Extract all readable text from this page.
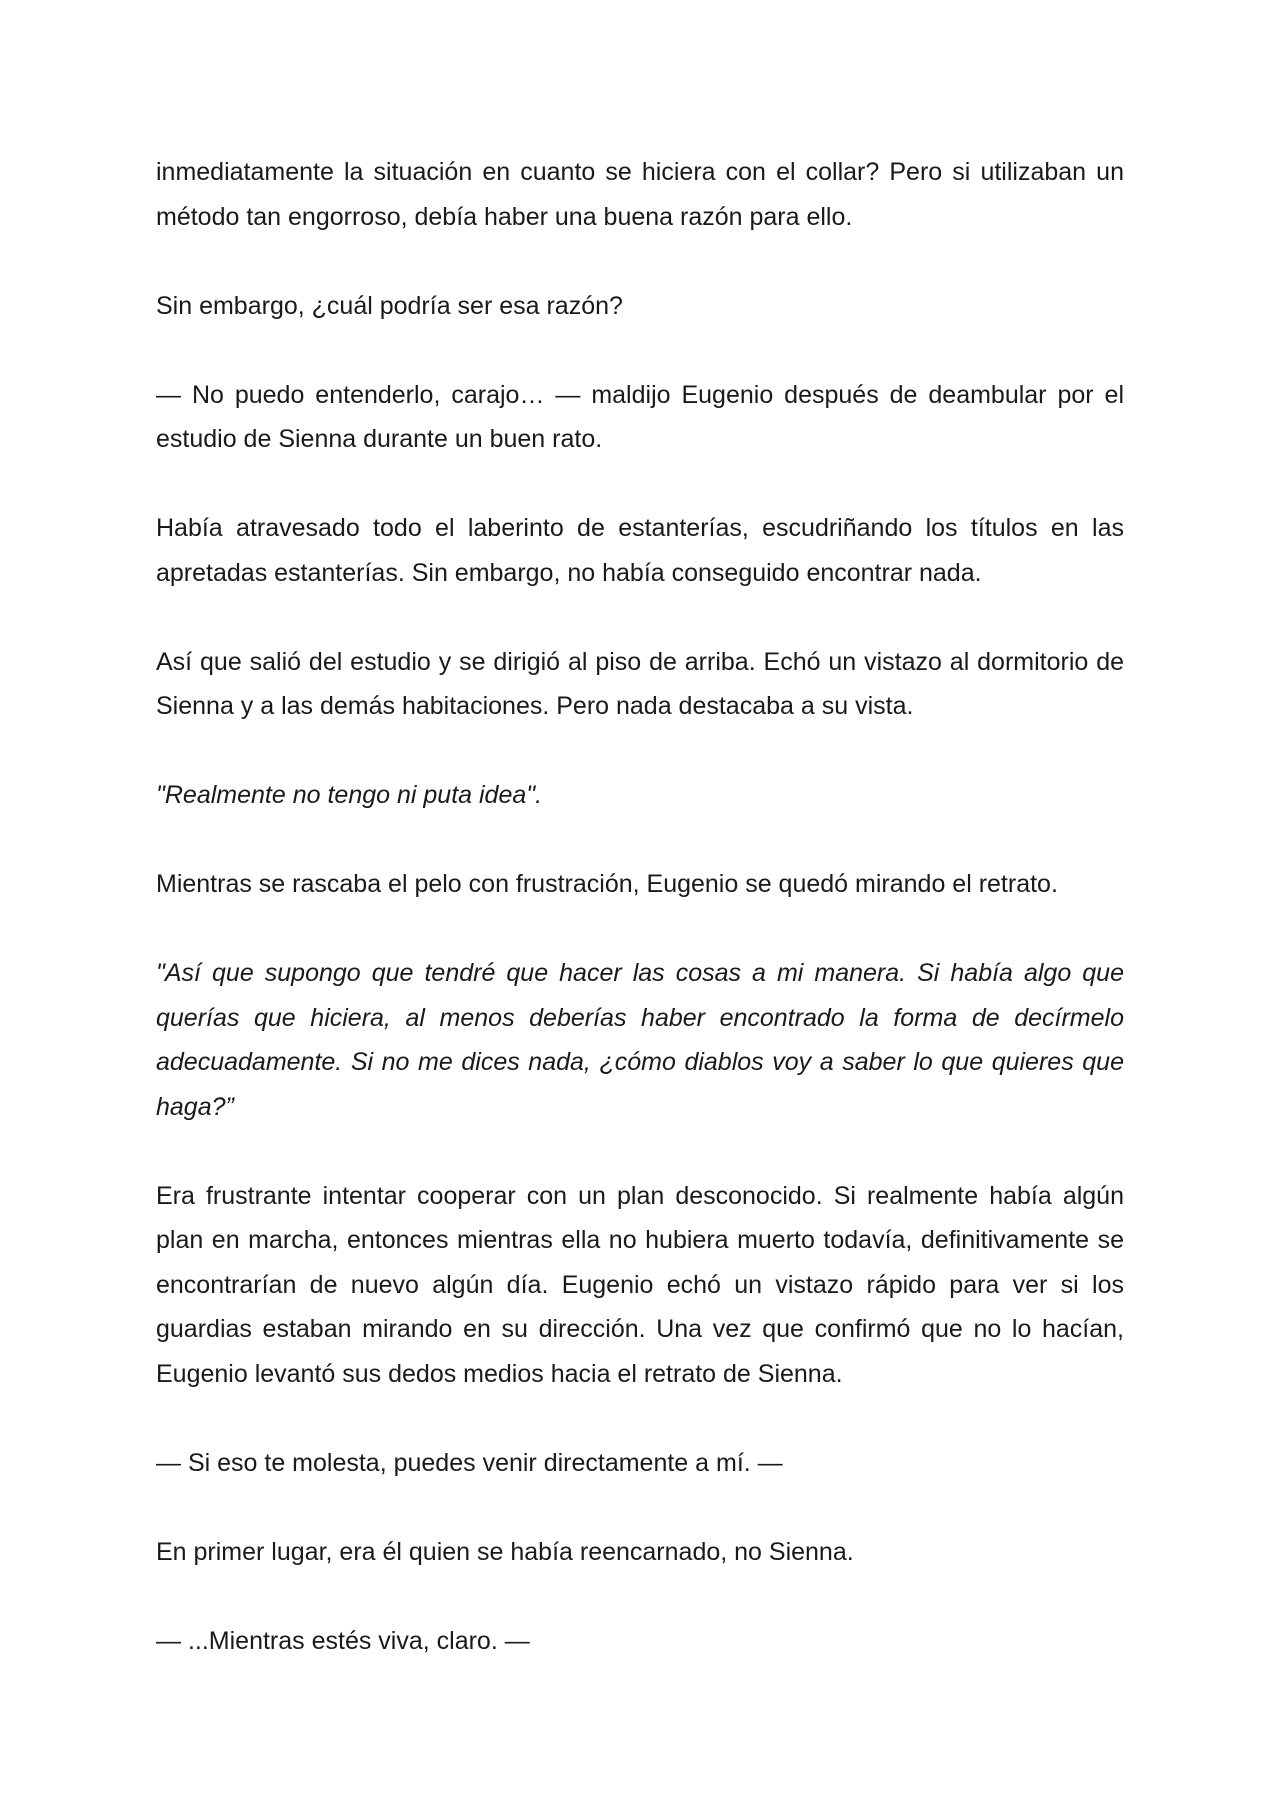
inmediatamente la situación en cuanto se hiciera con el collar? Pero si utilizaban un método tan engorroso, debía haber una buena razón para ello.

Sin embargo, ¿cuál podría ser esa razón?

— No puedo entenderlo, carajo… — maldijo Eugenio después de deambular por el estudio de Sienna durante un buen rato.

Había atravesado todo el laberinto de estanterías, escudriñando los títulos en las apretadas estanterías. Sin embargo, no había conseguido encontrar nada.

Así que salió del estudio y se dirigió al piso de arriba. Echó un vistazo al dormitorio de Sienna y a las demás habitaciones. Pero nada destacaba a su vista.

"Realmente no tengo ni puta idea".

Mientras se rascaba el pelo con frustración, Eugenio se quedó mirando el retrato.

"Así que supongo que tendré que hacer las cosas a mi manera. Si había algo que querías que hiciera, al menos deberías haber encontrado la forma de decírmelo adecuadamente. Si no me dices nada, ¿cómo diablos voy a saber lo que quieres que haga?”

Era frustrante intentar cooperar con un plan desconocido. Si realmente había algún plan en marcha, entonces mientras ella no hubiera muerto todavía, definitivamente se encontrarían de nuevo algún día. Eugenio echó un vistazo rápido para ver si los guardias estaban mirando en su dirección. Una vez que confirmó que no lo hacían, Eugenio levantó sus dedos medios hacia el retrato de Sienna.

— Si eso te molesta, puedes venir directamente a mí. —

En primer lugar, era él quien se había reencarnado, no Sienna.

— ...Mientras estés viva, claro. —
